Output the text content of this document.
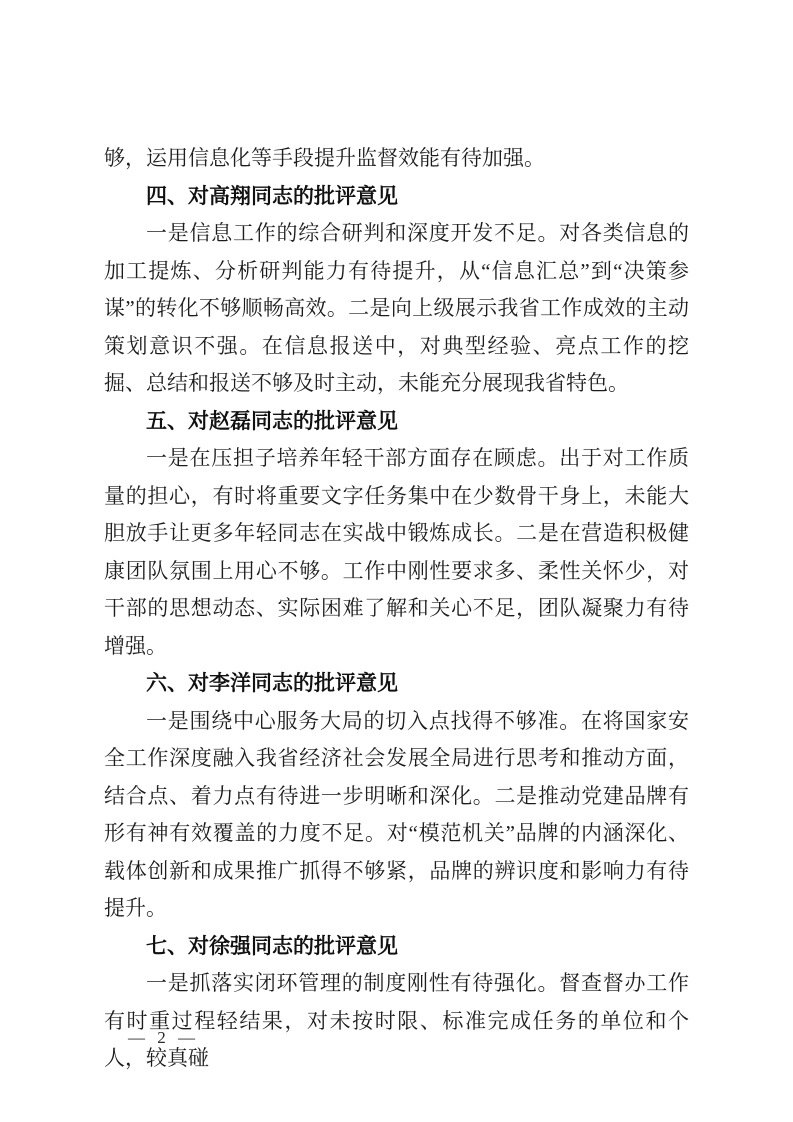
够，运用信息化等手段提升监督效能有待加强。

四、对高翔同志的批评意见

一是信息工作的综合研判和深度开发不足。对各类信息的加工提炼、分析研判能力有待提升，从“信息汇总”到“决策参谋”的转化不够顺畅高效。二是向上级展示我省工作成效的主动策划意识不强。在信息报送中，对典型经验、亮点工作的挖掘、总结和报送不够及时主动，未能充分展现我省特色。

五、对赵磊同志的批评意见

一是在压担子培养年轻干部方面存在顾虑。出于对工作质量的担心，有时将重要文字任务集中在少数骨干身上，未能大胆放手让更多年轻同志在实战中锻炼成长。二是在营造积极健康团队氛围上用心不够。工作中刚性要求多、柔性关怀少，对干部的思想动态、实际困难了解和关心不足，团队凝聚力有待增强。

六、对李洋同志的批评意见

一是围绕中心服务大局的切入点找得不够准。在将国家安全工作深度融入我省经济社会发展全局进行思考和推动方面，结合点、着力点有待进一步明晰和深化。二是推动党建品牌有形有神有效覆盖的力度不足。对“模范机关”品牌的内涵深化、载体创新和成果推广抓得不够紧，品牌的辨识度和影响力有待提升。

七、对徐强同志的批评意见

一是抓落实闭环管理的制度刚性有待强化。督查督办工作有时重过程轻结果，对未按时限、标准完成任务的单位和个人，较真碰

— 2 —
